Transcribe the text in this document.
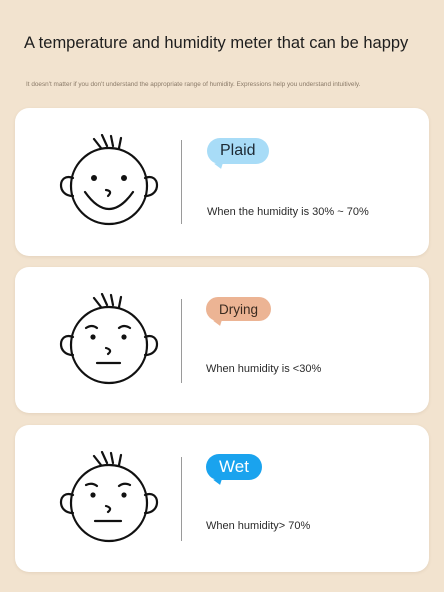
A temperature and humidity meter that can be happy
It doesn't matter if you don't understand the appropriate range of humidity. Expressions help you understand intuitively.
Plaid
When the humidity is 30% ~ 70%
Drying
When humidity is <30%
Wet
When humidity> 70%
